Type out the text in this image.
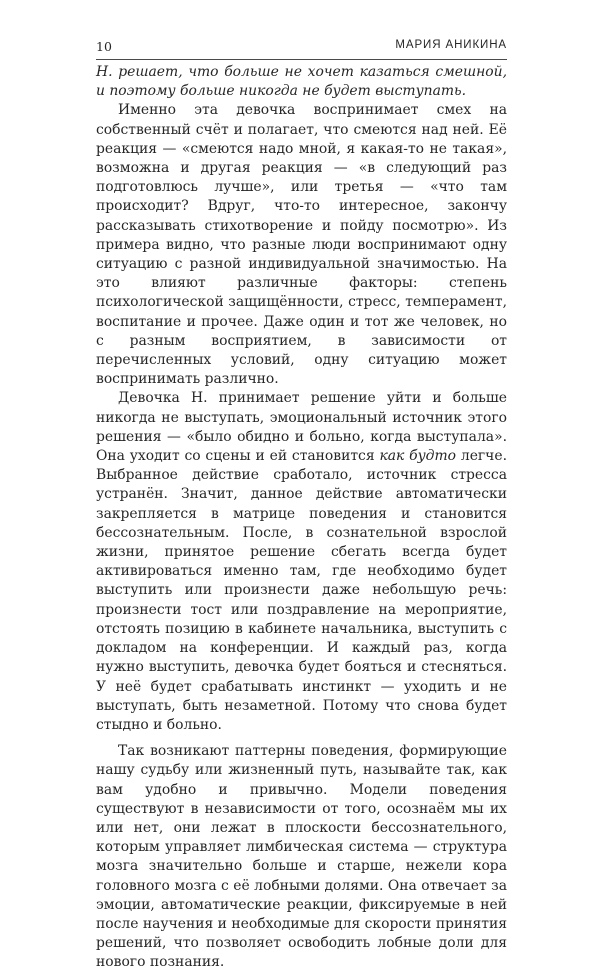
10	МАРИЯ АНИКИНА

Н. решает, что больше не хочет казаться смешной, и поэтому больше никогда не будет выступать.

Именно эта девочка воспринимает смех на собственный счёт и полагает, что смеются над ней. Её реакция — «смеются надо мной, я какая-то не такая», возможна и другая реакция — «в следующий раз подготовлюсь лучше», или третья — «что там происходит? Вдруг, что-то интересное, закончу рассказывать стихотворение и пойду посмотрю». Из примера видно, что разные люди воспринимают одну ситуацию с разной индивидуальной значимостью. На это влияют различные факторы: степень психологической защищённости, стресс, темперамент, воспитание и прочее. Даже один и тот же человек, но с разным восприятием, в зависимости от перечисленных условий, одну ситуацию может воспринимать различно.

Девочка Н. принимает решение уйти и больше никогда не выступать, эмоциональный источник этого решения — «было обидно и больно, когда выступала». Она уходит со сцены и ей становится как будто легче. Выбранное действие сработало, источник стресса устранён. Значит, данное действие автоматически закрепляется в матрице поведения и становится бессознательным. После, в сознательной взрослой жизни, принятое решение сбегать всегда будет активироваться именно там, где необходимо будет выступить или произнести даже небольшую речь: произнести тост или поздравление на мероприятие, отстоять позицию в кабинете начальника, выступить с докладом на конференции. И каждый раз, когда нужно выступить, девочка будет бояться и стесняться. У неё будет срабатывать инстинкт — уходить и не выступать, быть незаметной. Потому что снова будет стыдно и больно.

Так возникают паттерны поведения, формирующие нашу судьбу или жизненный путь, называйте так, как вам удобно и привычно. Модели поведения существуют в независимости от того, осознаём мы их или нет, они лежат в плоскости бессознательного, которым управляет лимбическая система — структура мозга значительно больше и старше, нежели кора головного мозга с её лобными долями. Она отвечает за эмоции, автоматические реакции, фиксируемые в ней после научения и необходимые для скорости принятия решений, что позволяет освободить лобные доли для нового познания.
